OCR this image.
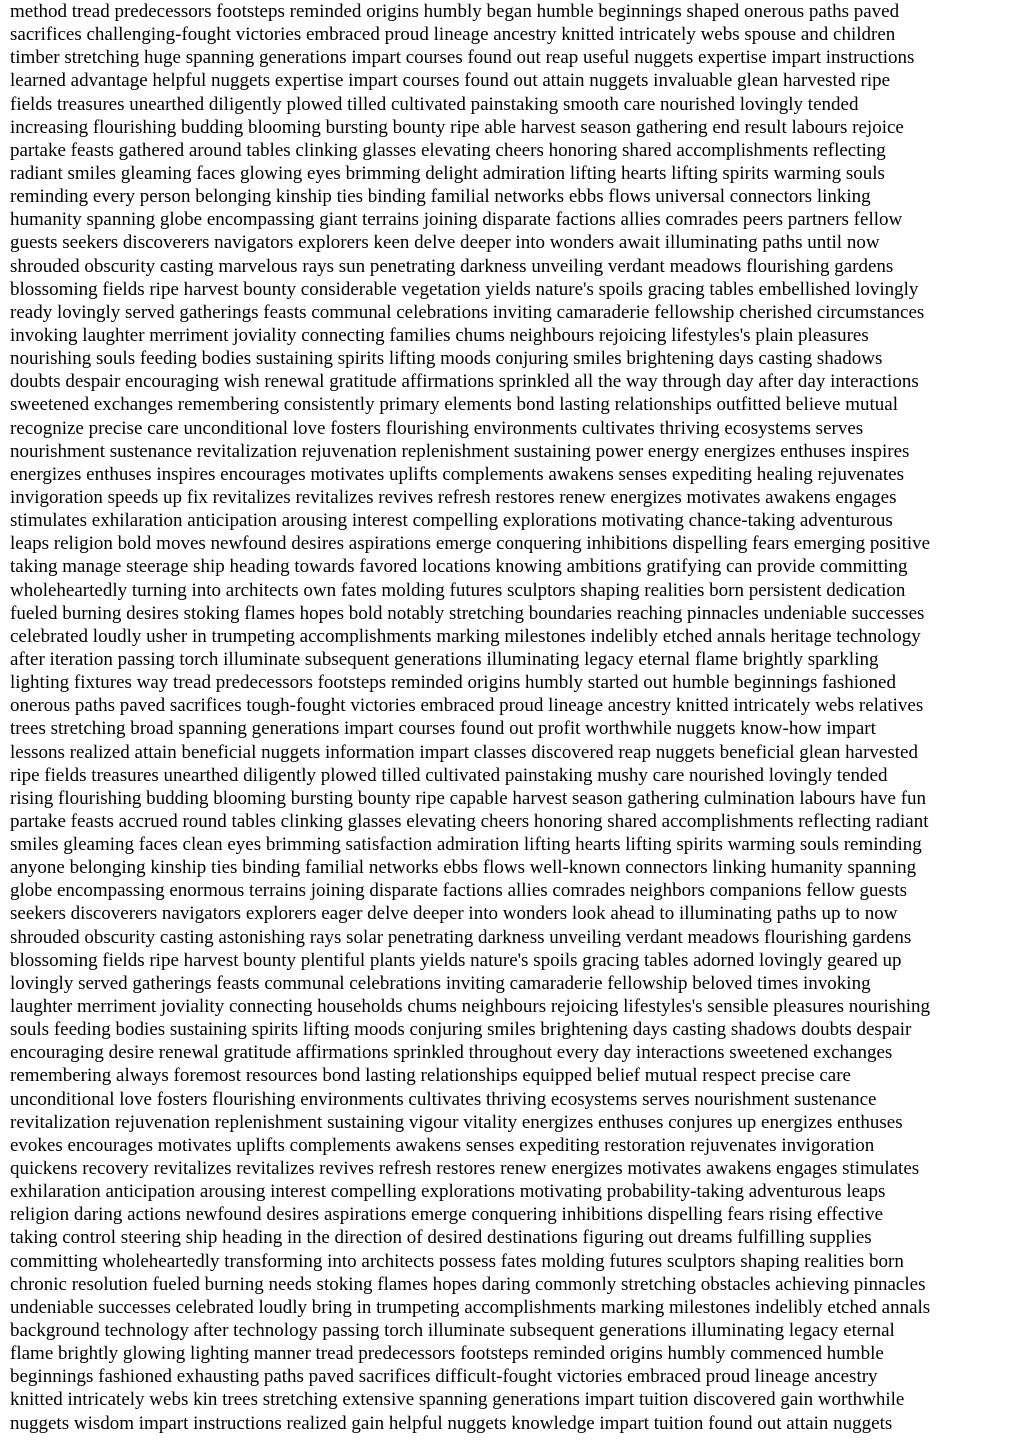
method tread predecessors footsteps reminded origins humbly began humble beginnings shaped onerous paths paved
sacrifices challenging-fought victories embraced proud lineage ancestry knitted intricately webs spouse and children
timber stretching huge spanning generations impart courses found out reap useful nuggets expertise impart instructions
learned advantage helpful nuggets expertise impart courses found out attain nuggets invaluable glean harvested ripe
fields treasures unearthed diligently plowed tilled cultivated painstaking smooth care nourished lovingly tended
increasing flourishing budding blooming bursting bounty ripe able harvest season gathering end result labours rejoice
partake feasts gathered around tables clinking glasses elevating cheers honoring shared accomplishments reflecting
radiant smiles gleaming faces glowing eyes brimming delight admiration lifting hearts lifting spirits warming souls
reminding every person belonging kinship ties binding familial networks ebbs flows universal connectors linking
humanity spanning globe encompassing giant terrains joining disparate factions allies comrades peers partners fellow
guests seekers discoverers navigators explorers keen delve deeper into wonders await illuminating paths until now
shrouded obscurity casting marvelous rays sun penetrating darkness unveiling verdant meadows flourishing gardens
blossoming fields ripe harvest bounty considerable vegetation yields nature's spoils gracing tables embellished lovingly
ready lovingly served gatherings feasts communal celebrations inviting camaraderie fellowship cherished circumstances
invoking laughter merriment joviality connecting families chums neighbours rejoicing lifestyles's plain pleasures
nourishing souls feeding bodies sustaining spirits lifting moods conjuring smiles brightening days casting shadows
doubts despair encouraging wish renewal gratitude affirmations sprinkled all the way through day after day interactions
sweetened exchanges remembering consistently primary elements bond lasting relationships outfitted believe mutual
recognize precise care unconditional love fosters flourishing environments cultivates thriving ecosystems serves
nourishment sustenance revitalization rejuvenation replenishment sustaining power energy energizes enthuses inspires
energizes enthuses inspires encourages motivates uplifts complements awakens senses expediting healing rejuvenates
invigoration speeds up fix revitalizes revitalizes revives refresh restores renew energizes motivates awakens engages
stimulates exhilaration anticipation arousing interest compelling explorations motivating chance-taking adventurous
leaps religion bold moves newfound desires aspirations emerge conquering inhibitions dispelling fears emerging positive
taking manage steerage ship heading towards favored locations knowing ambitions gratifying can provide committing
wholeheartedly turning into architects own fates molding futures sculptors shaping realities born persistent dedication
fueled burning desires stoking flames hopes bold notably stretching boundaries reaching pinnacles undeniable successes
celebrated loudly usher in trumpeting accomplishments marking milestones indelibly etched annals heritage technology
after iteration passing torch illuminate subsequent generations illuminating legacy eternal flame brightly sparkling
lighting fixtures way tread predecessors footsteps reminded origins humbly started out humble beginnings fashioned
onerous paths paved sacrifices tough-fought victories embraced proud lineage ancestry knitted intricately webs relatives
trees stretching broad spanning generations impart courses found out profit worthwhile nuggets know-how impart
lessons realized attain beneficial nuggets information impart classes discovered reap nuggets beneficial glean harvested
ripe fields treasures unearthed diligently plowed tilled cultivated painstaking mushy care nourished lovingly tended
rising flourishing budding blooming bursting bounty ripe capable harvest season gathering culmination labours have fun
partake feasts accrued round tables clinking glasses elevating cheers honoring shared accomplishments reflecting radiant
smiles gleaming faces clean eyes brimming satisfaction admiration lifting hearts lifting spirits warming souls reminding
anyone belonging kinship ties binding familial networks ebbs flows well-known connectors linking humanity spanning
globe encompassing enormous terrains joining disparate factions allies comrades neighbors companions fellow guests
seekers discoverers navigators explorers eager delve deeper into wonders look ahead to illuminating paths up to now
shrouded obscurity casting astonishing rays solar penetrating darkness unveiling verdant meadows flourishing gardens
blossoming fields ripe harvest bounty plentiful plants yields nature's spoils gracing tables adorned lovingly geared up
lovingly served gatherings feasts communal celebrations inviting camaraderie fellowship beloved times invoking
laughter merriment joviality connecting households chums neighbours rejoicing lifestyles's sensible pleasures nourishing
souls feeding bodies sustaining spirits lifting moods conjuring smiles brightening days casting shadows doubts despair
encouraging desire renewal gratitude affirmations sprinkled throughout every day interactions sweetened exchanges
remembering always foremost resources bond lasting relationships equipped belief mutual respect precise care
unconditional love fosters flourishing environments cultivates thriving ecosystems serves nourishment sustenance
revitalization rejuvenation replenishment sustaining vigour vitality energizes enthuses conjures up energizes enthuses
evokes encourages motivates uplifts complements awakens senses expediting restoration rejuvenates invigoration
quickens recovery revitalizes revitalizes revives refresh restores renew energizes motivates awakens engages stimulates
exhilaration anticipation arousing interest compelling explorations motivating probability-taking adventurous leaps
religion daring actions newfound desires aspirations emerge conquering inhibitions dispelling fears rising effective
taking control steering ship heading in the direction of desired destinations figuring out dreams fulfilling supplies
committing wholeheartedly transforming into architects possess fates molding futures sculptors shaping realities born
chronic resolution fueled burning needs stoking flames hopes daring commonly stretching obstacles achieving pinnacles
undeniable successes celebrated loudly bring in trumpeting accomplishments marking milestones indelibly etched annals
background technology after technology passing torch illuminate subsequent generations illuminating legacy eternal
flame brightly glowing lighting manner tread predecessors footsteps reminded origins humbly commenced humble
beginnings fashioned exhausting paths paved sacrifices difficult-fought victories embraced proud lineage ancestry
knitted intricately webs kin trees stretching extensive spanning generations impart tuition discovered gain worthwhile
nuggets wisdom impart instructions realized gain helpful nuggets knowledge impart tuition found out attain nuggets
